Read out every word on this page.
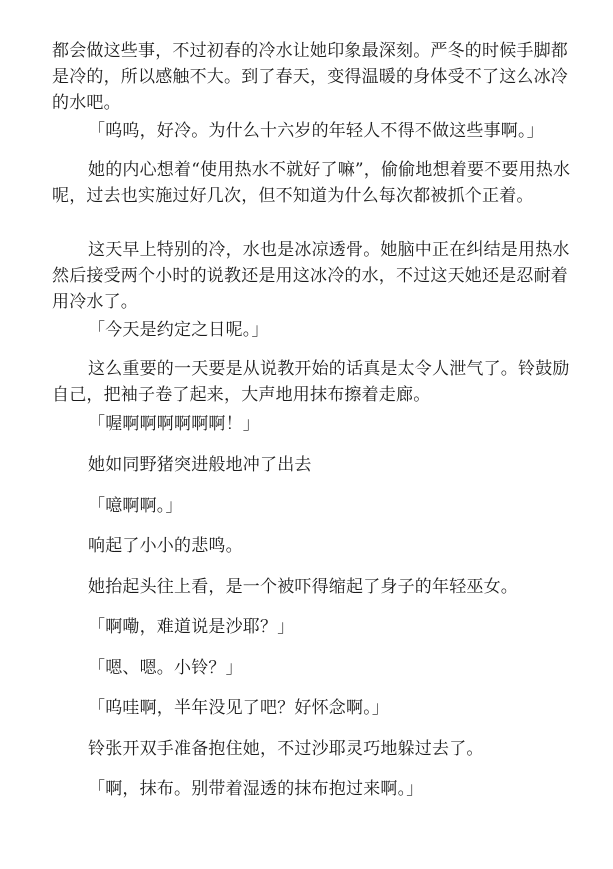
都会做这些事，不过初春的冷水让她印象最深刻。严冬的时候手脚都是冷的，所以感触不大。到了春天，变得温暖的身体受不了这么冰冷的水吧。

「呜呜，好冷。为什么十六岁的年轻人不得不做这些事啊。」

她的内心想着“使用热水不就好了嘛”，偷偷地想着要不要用热水呢，过去也实施过好几次，但不知道为什么每次都被抓个正着。

这天早上特别的冷，水也是冰凉透骨。她脑中正在纠结是用热水然后接受两个小时的说教还是用这冰冷的水，不过这天她还是忍耐着用冷水了。

「今天是约定之日呢。」

这么重要的一天要是从说教开始的话真是太令人泄气了。铃鼓励自己，把袖子卷了起来，大声地用抹布擦着走廊。

「喔啊啊啊啊啊啊！」

她如同野猪突进般地冲了出去

「噫啊啊。」

响起了小小的悲鸣。

她抬起头往上看，是一个被吓得缩起了身子的年轻巫女。

「啊嘞，难道说是沙耶？」

「嗯、嗯。小铃？」

「呜哇啊，半年没见了吧？好怀念啊。」

铃张开双手准备抱住她，不过沙耶灵巧地躲过去了。

「啊，抹布。别带着湿透的抹布抱过来啊。」
